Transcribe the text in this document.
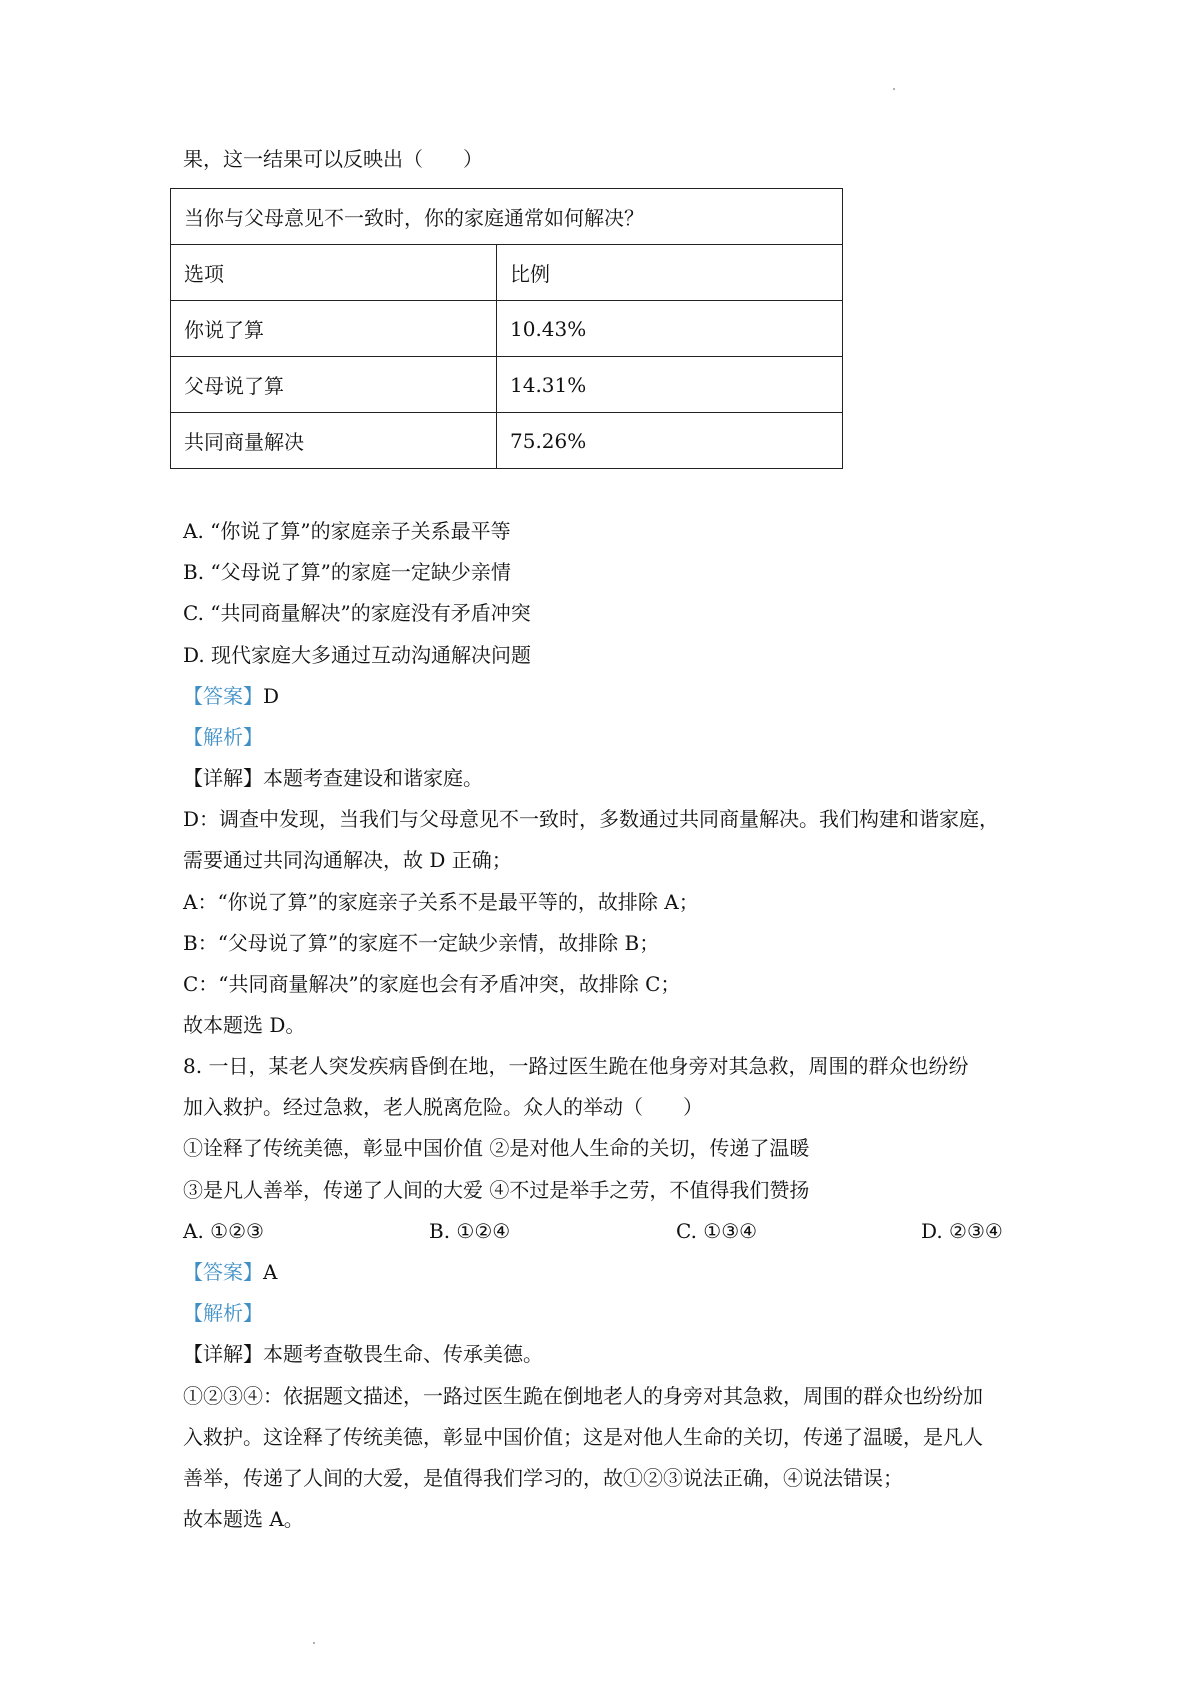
果，这一结果可以反映出（　　）
当你与父母意见不一致时，你的家庭通常如何解决？	
选项	比例
你说了算	10.43%
父母说了算	14.31%
共同商量解决	75.26%
A. “你说了算”的家庭亲子关系最平等
B. “父母说了算”的家庭一定缺少亲情
C. “共同商量解决”的家庭没有矛盾冲突
D. 现代家庭大多通过互动沟通解决问题
【答案】D
【解析】
【详解】本题考查建设和谐家庭。
D：调查中发现，当我们与父母意见不一致时，多数通过共同商量解决。我们构建和谐家庭，
需要通过共同沟通解决，故 D 正确；
A：“你说了算”的家庭亲子关系不是最平等的，故排除 A；
B：“父母说了算”的家庭不一定缺少亲情，故排除 B；
C：“共同商量解决”的家庭也会有矛盾冲突，故排除 C；
故本题选 D。
8. 一日，某老人突发疾病昏倒在地，一路过医生跪在他身旁对其急救，周围的群众也纷纷
加入救护。经过急救，老人脱离危险。众人的举动（　　）
①诠释了传统美德，彰显中国价值 ②是对他人生命的关切，传递了温暖
③是凡人善举，传递了人间的大爱 ④不过是举手之劳，不值得我们赞扬
A. ①②③	B. ①②④	C. ①③④	D. ②③④
【答案】A
【解析】
【详解】本题考查敬畏生命、传承美德。
①②③④：依据题文描述，一路过医生跪在倒地老人的身旁对其急救，周围的群众也纷纷加
入救护。这诠释了传统美德，彰显中国价值；这是对他人生命的关切，传递了温暖，是凡人
善举，传递了人间的大爱，是值得我们学习的，故①②③说法正确，④说法错误；
故本题选 A。
